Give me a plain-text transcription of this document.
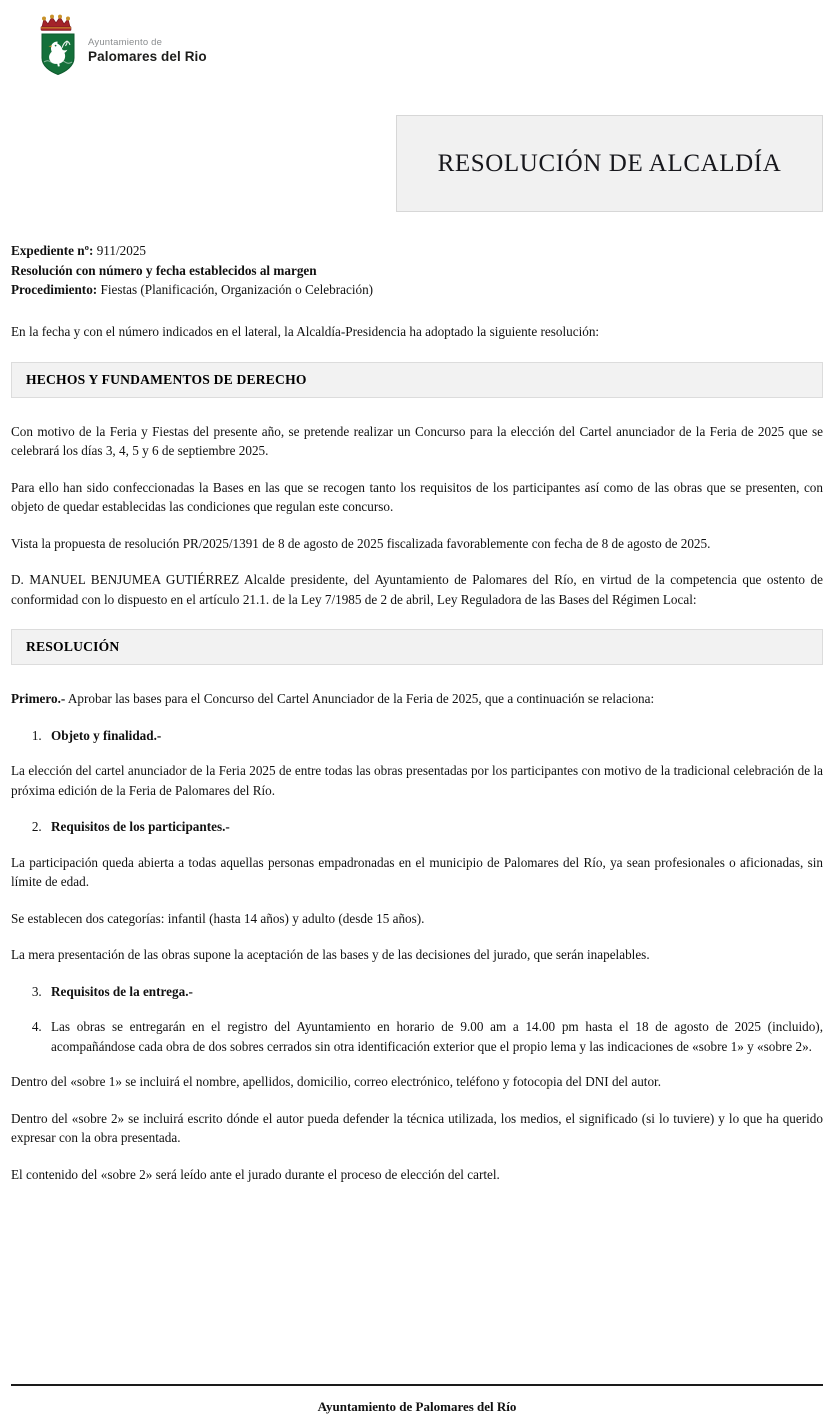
Ayuntamiento de
Palomares del Rio
RESOLUCIÓN DE ALCALDÍA
Expediente nº: 911/2025
Resolución con número y fecha establecidos al margen
Procedimiento: Fiestas (Planificación, Organización o Celebración)

En la fecha y con el número indicados en el lateral, la Alcaldía-Presidencia ha adoptado la siguiente resolución:

HECHOS Y FUNDAMENTOS DE DERECHO

Con motivo de la Feria y Fiestas del presente año, se pretende realizar un Concurso para la elección del Cartel anunciador de la Feria de 2025 que se celebrará los días 3, 4, 5 y 6 de septiembre 2025.

Para ello han sido confeccionadas la Bases en las que se recogen tanto los requisitos de los participantes así como de las obras que se presenten, con objeto de quedar establecidas las condiciones que regulan este concurso.

Vista la propuesta de resolución PR/2025/1391 de 8 de agosto de 2025 fiscalizada favorablemente con fecha de 8 de agosto de 2025.

D. MANUEL BENJUMEA GUTIÉRREZ Alcalde presidente, del Ayuntamiento de Palomares del Río, en virtud de la competencia que ostento de conformidad con lo dispuesto en el artículo 21.1. de la Ley 7/1985 de 2 de abril, Ley Reguladora de las Bases del Régimen Local:

RESOLUCIÓN

Primero.- Aprobar las bases para el Concurso del Cartel Anunciador de la Feria de 2025, que a continuación se relaciona:

1. Objeto y finalidad.-

La elección del cartel anunciador de la Feria 2025 de entre todas las obras presentadas por los participantes con motivo de la tradicional celebración de la próxima edición de la Feria de Palomares del Río.

2. Requisitos de los participantes.-

La participación queda abierta a todas aquellas personas empadronadas en el municipio de Palomares del Río, ya sean profesionales o aficionadas, sin límite de edad.

Se establecen dos categorías: infantil (hasta 14 años) y adulto (desde 15 años).

La mera presentación de las obras supone la aceptación de las bases y de las decisiones del jurado, que serán inapelables.

3. Requisitos de la entrega.-
4. Las obras se entregarán en el registro del Ayuntamiento en horario de 9.00 am a 14.00 pm hasta el 18 de agosto de 2025 (incluido), acompañándose cada obra de dos sobres cerrados sin otra identificación exterior que el propio lema y las indicaciones de «sobre 1» y «sobre 2».

Dentro del «sobre 1» se incluirá el nombre, apellidos, domicilio, correo electrónico, teléfono y fotocopia del DNI del autor.

Dentro del «sobre 2» se incluirá escrito dónde el autor pueda defender la técnica utilizada, los medios, el significado (si lo tuviere) y lo que ha querido expresar con la obra presentada.

El contenido del «sobre 2» será leído ante el jurado durante el proceso de elección del cartel.

Ayuntamiento de Palomares del Río
